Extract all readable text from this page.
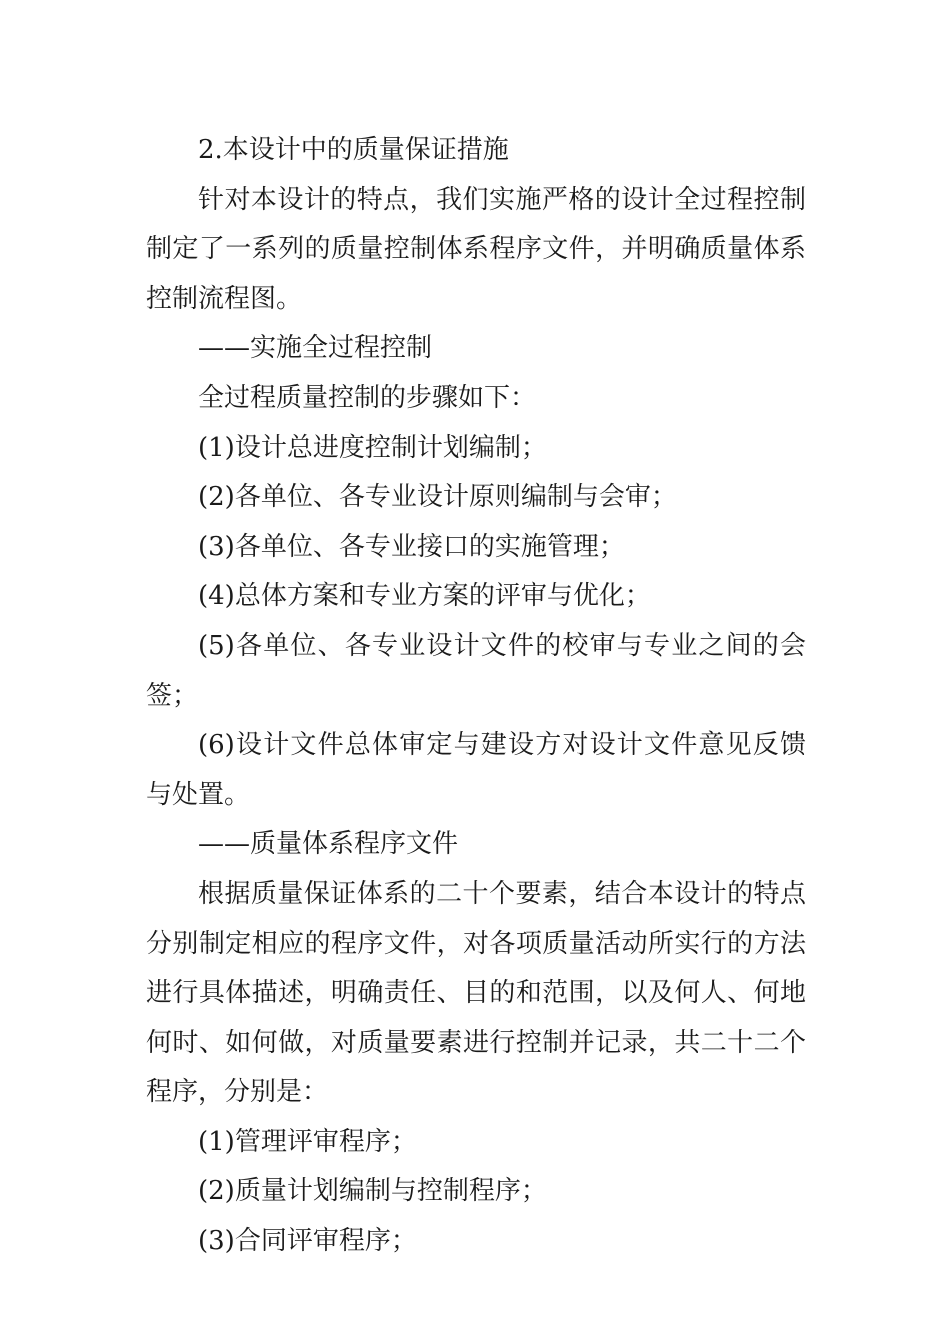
2.本设计中的质量保证措施

针对本设计的特点，我们实施严格的设计全过程控制制定了一系列的质量控制体系程序文件，并明确质量体系控制流程图。

——实施全过程控制

全过程质量控制的步骤如下：

(1)设计总进度控制计划编制；

(2)各单位、各专业设计原则编制与会审；

(3)各单位、各专业接口的实施管理；

(4)总体方案和专业方案的评审与优化；

(5)各单位、各专业设计文件的校审与专业之间的会签；

(6)设计文件总体审定与建设方对设计文件意见反馈与处置。

——质量体系程序文件

根据质量保证体系的二十个要素，结合本设计的特点分别制定相应的程序文件，对各项质量活动所实行的方法进行具体描述，明确责任、目的和范围，以及何人、何地何时、如何做，对质量要素进行控制并记录，共二十二个程序，分别是：

(1)管理评审程序；

(2)质量计划编制与控制程序；

(3)合同评审程序；
